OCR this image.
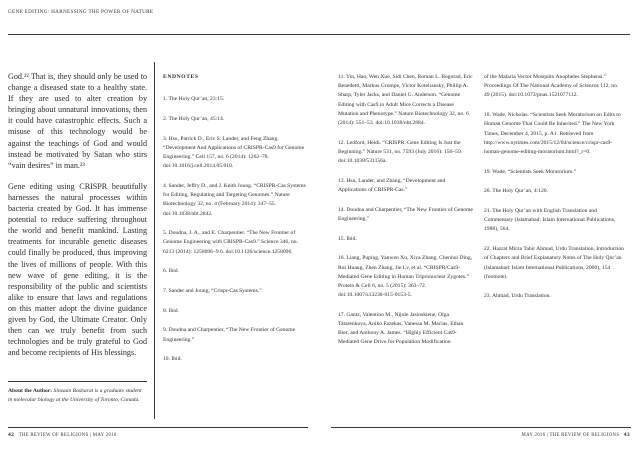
GENE EDITING: HARNESSING THE POWER OF NATURE

God.²² That is, they should only be used to change a diseased state to a healthy state. If they are used to alter creation by bringing about unnatural innovations, then it could have catastrophic effects. Such a misuse of this technology would be against the teachings of God and would instead be motivated by Satan who stirs “vain desires” in man.²³

Gene editing using CRISPR beautifully harnesses the natural processes within bacteria created by God. It has immense potential to reduce suffering throughout the world and benefit mankind. Lasting treatments for incurable genetic diseases could finally be produced, thus improving the lives of millions of people. With this new wave of gene editing, it is the responsibility of the public and scientists alike to ensure that laws and regulations on this matter adopt the divine guidance given by God, the Ultimate Creator. Only then can we truly benefit from such technologies and be truly grateful to God and become recipients of His blessings.

About the Author: Sinzaan Basharat is a graduate student in molecular biology at the University of Toronto, Canada.
ENDNOTES
1. The Holy Qur’an, 23:15.
2. The Holy Qur’an, 45:14.
3. Hsu, Patrick D., Eric S. Lander, and Feng Zhang. “Development And Applications of CRISPR-Cas9 for Genome Engineering.” Cell 157, no. 6 (2014): 1262–78. doi:10.1016/j.cell.2014.05.010.
4. Sander, Jeffry D., and J. Keith Joung. “CRISPR-Cas Systems for Editing, Regulating and Targeting Genomes.” Nature Biotechnology 32, no. 4 (February 2014): 347–55. doi:10.1038/nbt.2842.
5. Doudna, J. A., and E. Charpentier. “The New Frontier of Genome Engineering with CRISPR-Cas9.” Science 346, no. 6213 (2014): 1258096–9 6. doi:10.1126/science.1258096.
6. Ibid.
7. Sander and Joung, “Crispr-Cas Systems.”
8. Ibid.
9. Doudna and Charpentier, “The New Frontier of Genome Engineering.”
10. Ibid.
11. Yin, Hao, Wen Xue, Sidi Chen, Roman L. Bogorad, Eric Benedetti, Markus Grompe, Victor Koteliansky, Phillip A. Sharp, Tyler Jacks, and Daniel G. Anderson. “Genome Editing with Cas9 in Adult Mice Corrects a Disease Mutation and Phenotype.” Nature Biotechnology 32, no. 6 (2014): 551–53. doi:10.1038/nbt.2884.
12. Ledford, Heidi. “CRISPR: Gene Editing Is Just the Beginning.” Nature 531, no. 7593 (July 2016): 156–59. doi:10.1038/531156a.
13. Hsu, Lander, and Zhang, “Development and Applications of CRISPR-Cas.”
14. Doudna and Charpentier, “The New Frontier of Genome Engineering.”
15. Ibid.
16. Liang, Puping, Yanwen Xu, Xiya Zhang, Chenhui Ding, Rui Huang, Zhen Zhang, Jie Lv, et al. “CRISPR/Cas9-Mediated Gene Editing in Human Tripronuclear Zygotes.” Protein & Cell 6, no. 5 (2015): 363–72. doi:10.1007/s13238-015-0153-5.
17. Gantz, Valentino M., Nijole Jasinskiene, Olga Tatarenkova, Aniko Fazekas, Vanessa M. Macias, Ethan Bier, and Anthony A. James. “Highly Efficient Cas9-Mediated Gene Drive for Population Modification
of the Malaria Vector Mosquito Anopheles Stephensi.” Proceedings Of The National Academy of Sciences 112, no. 49 (2015). doi:10.1073/pnas.1521077112.
18. Wade, Nicholas. “Scientists Seek Moratorium on Edits to Human Genome That Could Be Inherited.” The New York Times, December 4, 2015, p. A1. Retrieved from http://www.nytimes.com/2015/12/04/science/crispr-cas9-human-genome-editing-moratorium.html?_r=0.
19. Wade, “Scientists Seek Moratorium.”
20. The Holy Qur’an, 4:120.
21. The Holy Qur’an with English Translation and Commentary (Islamabad: Islam International Publications, 1988), 564.
22. Hazrat Mirza Tahir Ahmad, Urdu Translation, Introduction of Chapters and Brief Explanatory Notes of The Holy Qur’an (Islamabad: Islam International Publications, 2000), 154 (footnote).
23. Ahmad, Urdu Translation.
42 THE REVIEW OF RELIGIONS | MAY 2016	MAY 2016 | THE REVIEW OF RELIGIONS 43
